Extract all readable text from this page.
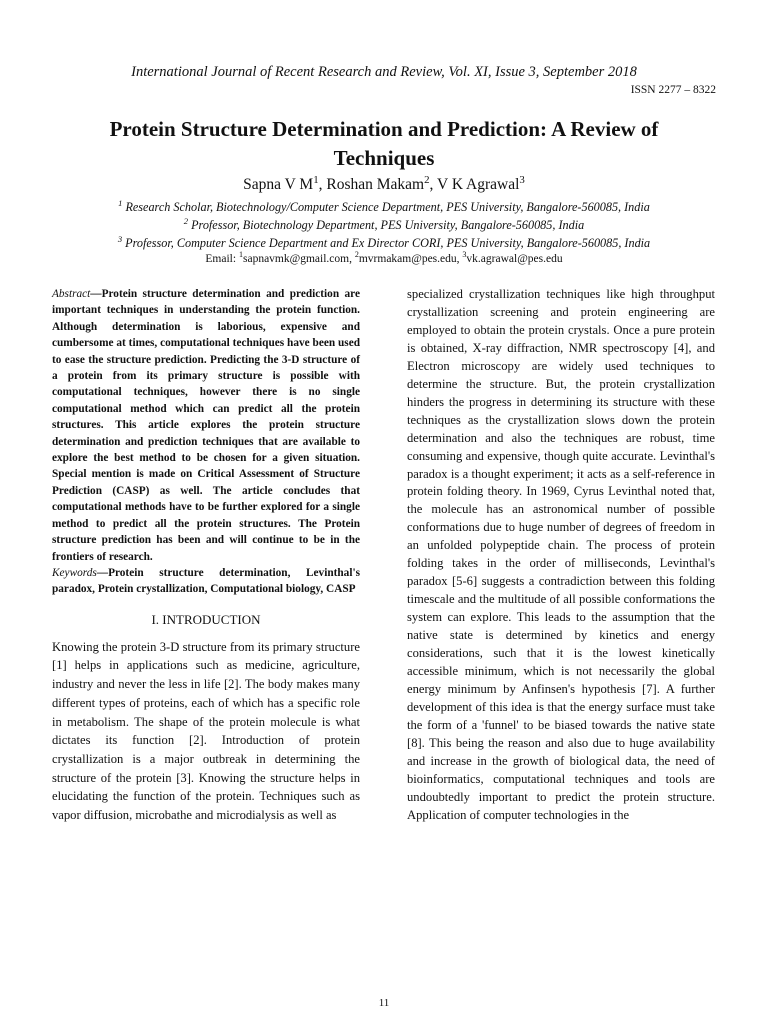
International Journal of Recent Research and Review, Vol. XI, Issue 3, September 2018
ISSN 2277 – 8322
Protein Structure Determination and Prediction: A Review of Techniques
Sapna V $M^1$, Roshan Makam$^2$, V K Agrawal$^3$
$^1$ Research Scholar, Biotechnology/Computer Science Department, PES University, Bangalore-560085, India
$^2$ Professor, Biotechnology Department, PES University, Bangalore-560085, India
$^3$ Professor, Computer Science Department and Ex Director CORI, PES University, Bangalore-560085, India
Email: $^1$sapnavmk@gmail.com, $^2$mvrmakam@pes.edu, $^3$vk.agrawal@pes.edu

Abstract—Protein structure determination and prediction are important techniques in understanding the protein function. Although determination is laborious, expensive and cumbersome at times, computational techniques have been used to ease the structure prediction. Predicting the 3-D structure of a protein from its primary structure is possible with computational techniques, however there is no single computational method which can predict all the protein structures. This article explores the protein structure determination and prediction techniques that are available to explore the best method to be chosen for a given situation. Special mention is made on Critical Assessment of Structure Prediction (CASP) as well. The article concludes that computational methods have to be further explored for a single method to predict all the protein structures. The Protein structure prediction has been and will continue to be in the frontiers of research.

Keywords—Protein structure determination, Levinthal's paradox, Protein crystallization, Computational biology, CASP

I. INTRODUCTION

Knowing the protein 3-D structure from its primary structure [1] helps in applications such as medicine, agriculture, industry and never the less in life [2]. The body makes many different types of proteins, each of which has a specific role in metabolism. The shape of the protein molecule is what dictates its function [2]. Introduction of protein crystallization is a major outbreak in determining the structure of the protein [3]. Knowing the structure helps in elucidating the function of the protein. Techniques such as vapor diffusion, microbathe and microdialysis as well as

specialized crystallization techniques like high throughput crystallization screening and protein engineering are employed to obtain the protein crystals. Once a pure protein is obtained, X-ray diffraction, NMR spectroscopy [4], and Electron microscopy are widely used techniques to determine the structure. But, the protein crystallization hinders the progress in determining its structure with these techniques as the crystallization slows down the protein determination and also the techniques are robust, time consuming and expensive, though quite accurate. Levinthal's paradox is a thought experiment; it acts as a self-reference in protein folding theory. In 1969, Cyrus Levinthal noted that, the molecule has an astronomical number of possible conformations due to huge number of degrees of freedom in an unfolded polypeptide chain. The process of protein folding takes in the order of milliseconds, Levinthal's paradox [5-6] suggests a contradiction between this folding timescale and the multitude of all possible conformations the system can explore. This leads to the assumption that the native state is determined by kinetics and energy considerations, such that it is the lowest kinetically accessible minimum, which is not necessarily the global energy minimum by Anfinsen's hypothesis [7]. A further development of this idea is that the energy surface must take the form of a 'funnel' to be biased towards the native state [8]. This being the reason and also due to huge availability and increase in the growth of biological data, the need of bioinformatics, computational techniques and tools are undoubtedly important to predict the protein structure. Application of computer technologies in the

11
